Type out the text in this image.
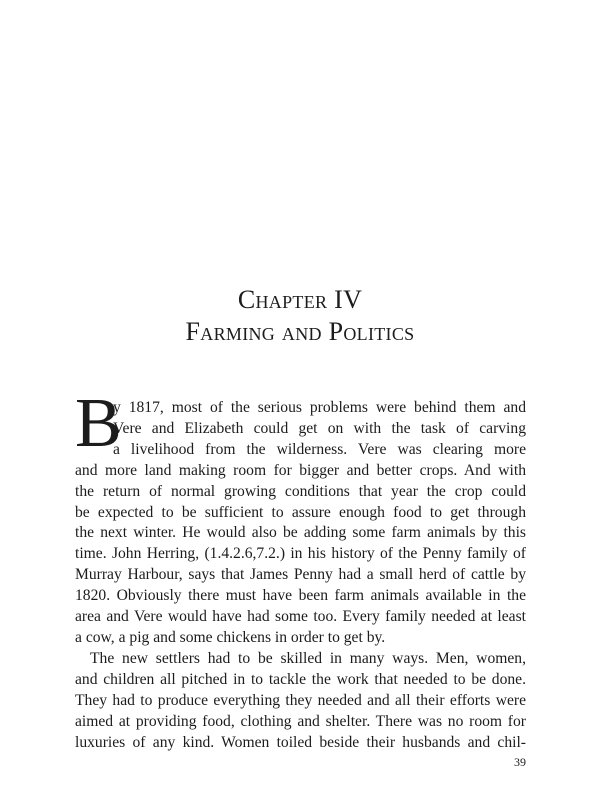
Chapter IV
Farming and Politics
B
y 1817, most of the serious problems were behind them and
Vere and Elizabeth could get on with the task of carving
a livelihood from the wilderness. Vere was clearing more
and more land making room for bigger and better crops. And with
the return of normal growing conditions that year the crop could
be expected to be sufficient to assure enough food to get through
the next winter. He would also be adding some farm animals by this
time. John Herring, (1.4.2.6,7.2.) in his history of the Penny family of
Murray Harbour, says that James Penny had a small herd of cattle by
1820. Obviously there must have been farm animals available in the
area and Vere would have had some too. Every family needed at least
a cow, a pig and some chickens in order to get by.
The new settlers had to be skilled in many ways. Men, women,
and children all pitched in to tackle the work that needed to be done.
They had to produce everything they needed and all their efforts were
aimed at providing food, clothing and shelter. There was no room for
luxuries of any kind. Women toiled beside their husbands and chil-
39
